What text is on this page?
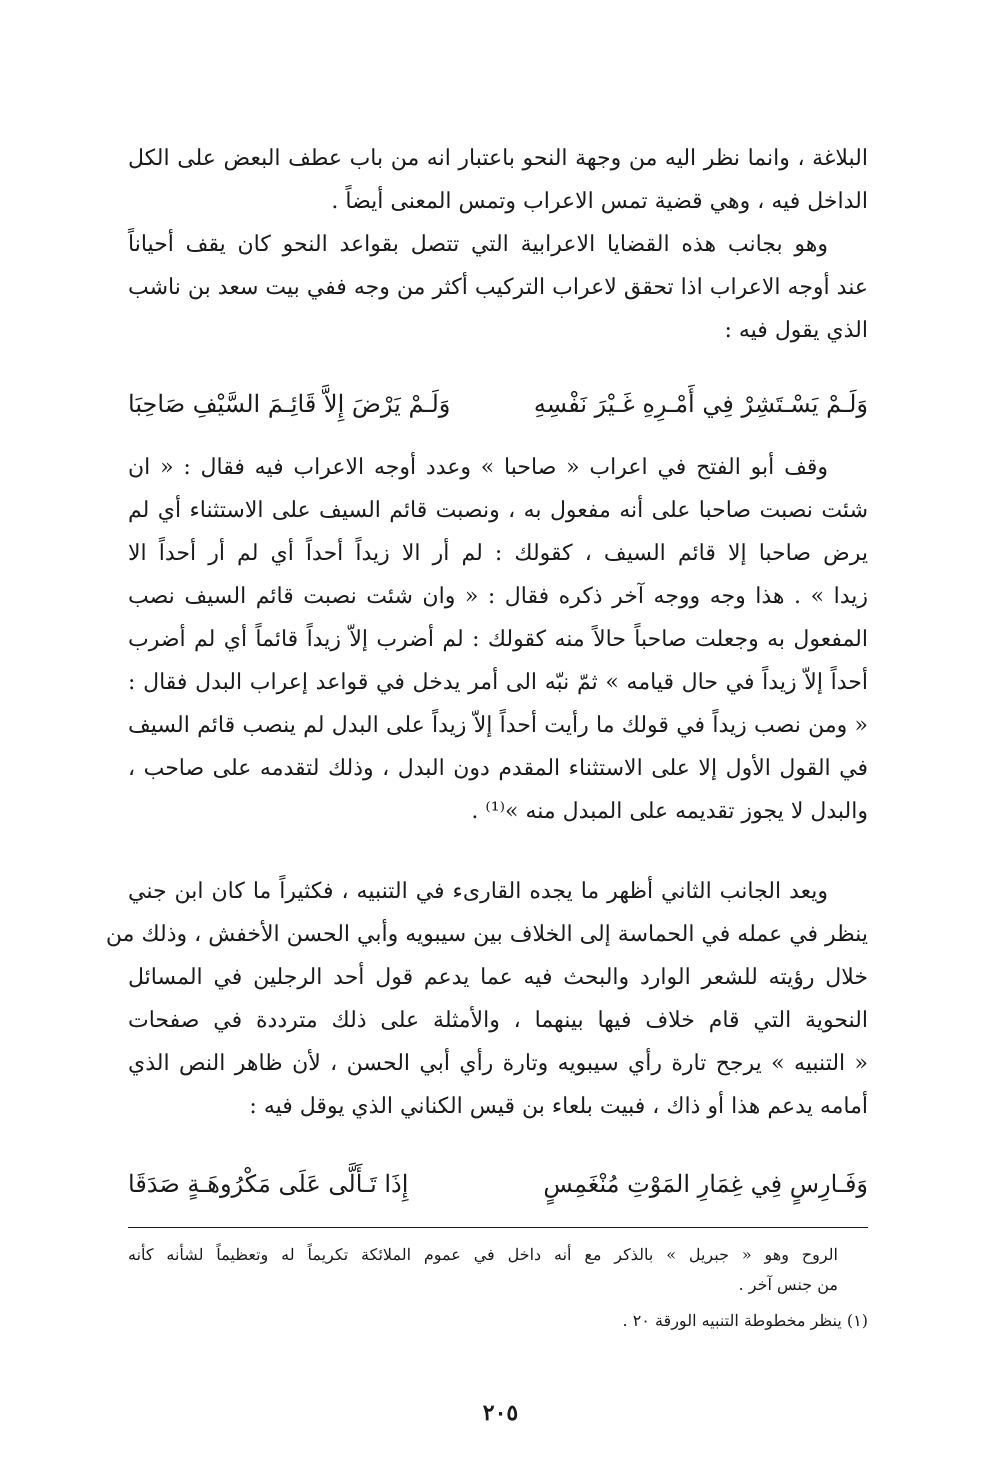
البلاغة ، وانما نظر اليه من وجهة النحو باعتبار انه من باب عطف البعض على الكل
الداخل فيه ، وهي قضية تمس الاعراب وتمس المعنى أيضاً .
وهو بجانب هذه القضايا الاعرابية التي تتصل بقواعد النحو كان يقف أحياناً
عند أوجه الاعراب اذا تحقق لاعراب التركيب أكثر من وجه ففي بيت سعد بن ناشب
الذي يقول فيه :
وَلَـمْ يَسْـتَشِرْ فِي أَمْـرِهِ غَـيْرَ نَفْسِهِ
وَلَـمْ يَرْضَ إِلاَّ قَائِـمَ السَّيْفِ صَاحِبَا
وقف أبو الفتح في اعراب « صاحبا » وعدد أوجه الاعراب فيه فقال : « ان
شئت نصبت صاحبا على أنه مفعول به ، ونصبت قائم السيف على الاستثناء أي لم
يرض صاحبا إلا قائم السيف ، كقولك : لم أر الا زيداً أحداً أي لم أر أحداً الا
زيدا » . هذا وجه ووجه آخر ذكره فقال : « وان شئت نصبت قائم السيف نصب
المفعول به وجعلت صاحباً حالاً منه كقولك : لم أضرب إلاّ زيداً قائماً أي لم أضرب
أحداً إلاّ زيداً في حال قيامه » ثمّ نبّه الى أمر يدخل في قواعد إعراب البدل فقال :
« ومن نصب زيداً في قولك ما رأيت أحداً إلاّ زيداً على البدل لم ينصب قائم السيف
في القول الأول إلا على الاستثناء المقدم دون البدل ، وذلك لتقدمه على صاحب ،
والبدل لا يجوز تقديمه على المبدل منه »⁽¹⁾ .
ويعد الجانب الثاني أظهر ما يجده القارىء في التنبيه ، فكثيراً ما كان ابن جني
ينظر في عمله في الحماسة إلى الخلاف بين سيبويه وأبي الحسن الأخفش ، وذلك من
خلال رؤيته للشعر الوارد والبحث فيه عما يدعم قول أحد الرجلين في المسائل
النحوية التي قام خلاف فيها بينهما ، والأمثلة على ذلك مترددة في صفحات
« التنبيه » يرجح تارة رأي سيبويه وتارة رأي أبي الحسن ، لأن ظاهر النص الذي
أمامه يدعم هذا أو ذاك ، فبيت بلعاء بن قيس الكناني الذي يوقل فيه :
وَفَـارِسٍ فِي غِمَارِ المَوْتِ مُنْغَمِسٍ
إِذَا تَـأَلَّى عَلَى مَكْرُوهَـةٍ صَدَقَا
الروح وهو « جبريل » بالذكر مع أنه داخل في عموم الملائكة تكريماً له وتعظيماً لشأنه كأنه
من جنس آخر .
(١) ينظر مخطوطة التنبيه الورقة ٢٠ .
٢٠٥
